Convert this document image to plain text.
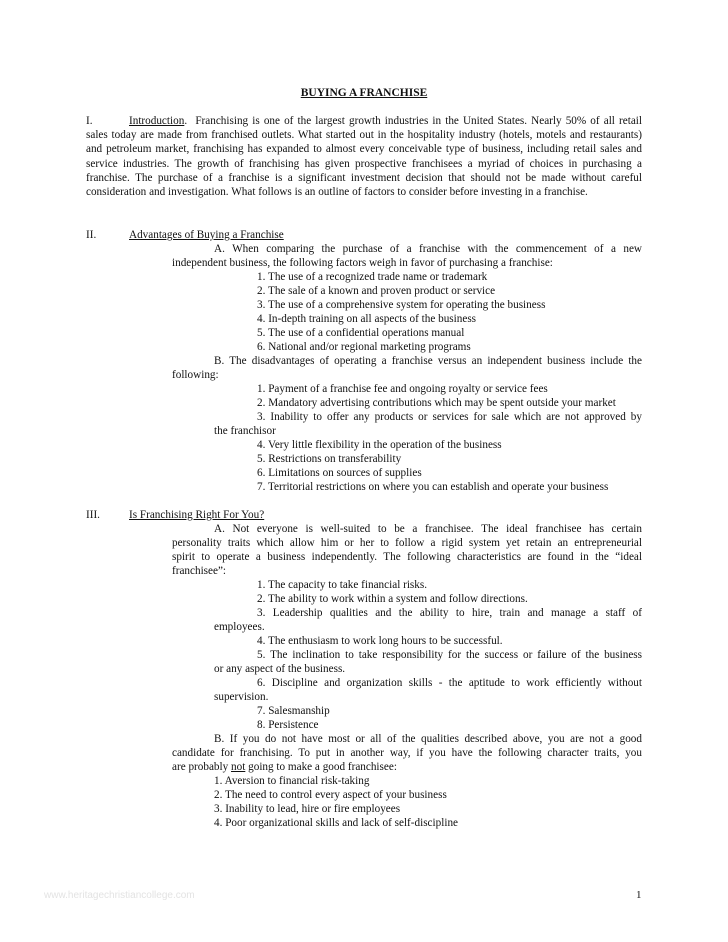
BUYING A FRANCHISE
I.	Introduction.  Franchising is one of the largest growth industries in the United States. Nearly 50% of all retail sales today are made from franchised outlets. What started out in the hospitality industry (hotels, motels and restaurants) and petroleum market, franchising has expanded to almost every conceivable type of business, including retail sales and service industries. The growth of franchising has given prospective franchisees a myriad of choices in purchasing a franchise. The purchase of a franchise is a significant investment decision that should not be made without careful consideration and investigation. What follows is an outline of factors to consider before investing in a franchise.
II.	Advantages of Buying a Franchise
A. When comparing the purchase of a franchise with the commencement of a new
independent business, the following factors weigh in favor of purchasing a franchise:
1. The use of a recognized trade name or trademark
2. The sale of a known and proven product or service
3. The use of a comprehensive system for operating the business
4. In-depth training on all aspects of the business
5. The use of a confidential operations manual
6. National and/or regional marketing programs
B. The disadvantages of operating a franchise versus an independent business include the
following:
1. Payment of a franchise fee and ongoing royalty or service fees
2. Mandatory advertising contributions which may be spent outside your market
3. Inability to offer any products or services for sale which are not approved by
the franchisor
4. Very little flexibility in the operation of the business
5. Restrictions on transferability
6. Limitations on sources of supplies
7. Territorial restrictions on where you can establish and operate your business
III.	Is Franchising Right For You?
A. Not everyone is well-suited to be a franchisee. The ideal franchisee has certain
personality traits which allow him or her to follow a rigid system yet retain an entrepreneurial
spirit to operate a business independently. The following characteristics are found in the “ideal
franchisee”:
1. The capacity to take financial risks.
2. The ability to work within a system and follow directions.
3. Leadership qualities and the ability to hire, train and manage a staff of
employees.
4. The enthusiasm to work long hours to be successful.
5. The inclination to take responsibility for the success or failure of the business
or any aspect of the business.
6. Discipline and organization skills - the aptitude to work efficiently without
supervision.
7. Salesmanship
8. Persistence
B. If you do not have most or all of the qualities described above, you are not a good
candidate for franchising. To put in another way, if you have the following character traits, you
are probably not going to make a good franchisee:
1. Aversion to financial risk-taking
2. The need to control every aspect of your business
3. Inability to lead, hire or fire employees
4. Poor organizational skills and lack of self-discipline
www.heritagechristiancollege.com	1
